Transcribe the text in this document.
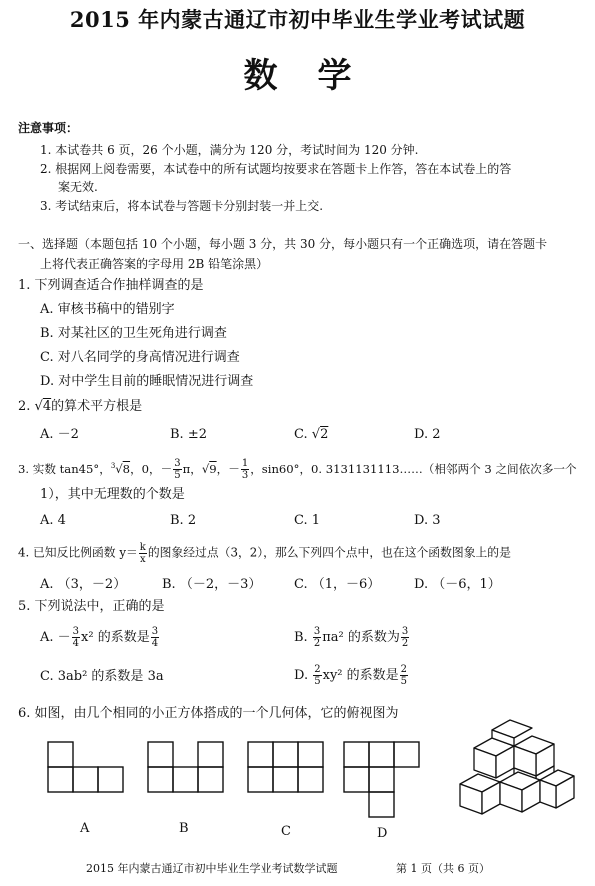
2015 年内蒙古通辽市初中毕业生学业考试试题
数学
注意事项：
1. 本试卷共 6 页，26 个小题，满分为 120 分，考试时间为 120 分钟.
2. 根据网上阅卷需要，本试卷中的所有试题均按要求在答题卡上作答，答在本试卷上的答
案无效.
3. 考试结束后，将本试卷与答题卡分别封装一并上交.
一、选择题（本题包括 10 个小题，每小题 3 分，共 30 分，每小题只有一个正确选项，请在答题卡
上将代表正确答案的字母用 2B 铅笔涂黑）
1. 下列调查适合作抽样调查的是
A. 审核书稿中的错别字
B. 对某社区的卫生死角进行调查
C. 对八名同学的身高情况进行调查
D. 对中学生目前的睡眠情况进行调查
2. √4的算术平方根是
A. －2	B. ±2	C. √2	D. 2
3. 实数 tan45°，$^3$√8，0，－ $\frac{3}{5}$ π，√9，－ $\frac{1}{3}$ ，sin60°，0. 3131131113……（相邻两个 3 之间依次多一个
1），其中无理数的个数是
A. 4	B. 2	C. 1	D. 3
4. 已知反比例函数 $y= \frac{k}{x}$ 的图象经过点（3，2），那么下列四个点中，也在这个函数图象上的是
A. （3，－2）	B. （－2，－3）	C. （1，－6）	D. （－6，1）
5. 下列说法中，正确的是
A. － $\frac{3}{4} x^2$ 的系数是 $\frac{3}{4}$	B. $\frac{3}{2} \pi a^2$ 的系数为 $\frac{3}{2}$
C. 3ab² 的系数是 3a	D. $\frac{2}{5} xy^2$ 的系数是 $\frac{2}{5}$
6. 如图，由几个相同的小正方体搭成的一个几何体，它的俯视图为
A	B	C	D
2015 年内蒙古通辽市初中毕业生学业考试数学试题	第 1 页（共 6 页）
